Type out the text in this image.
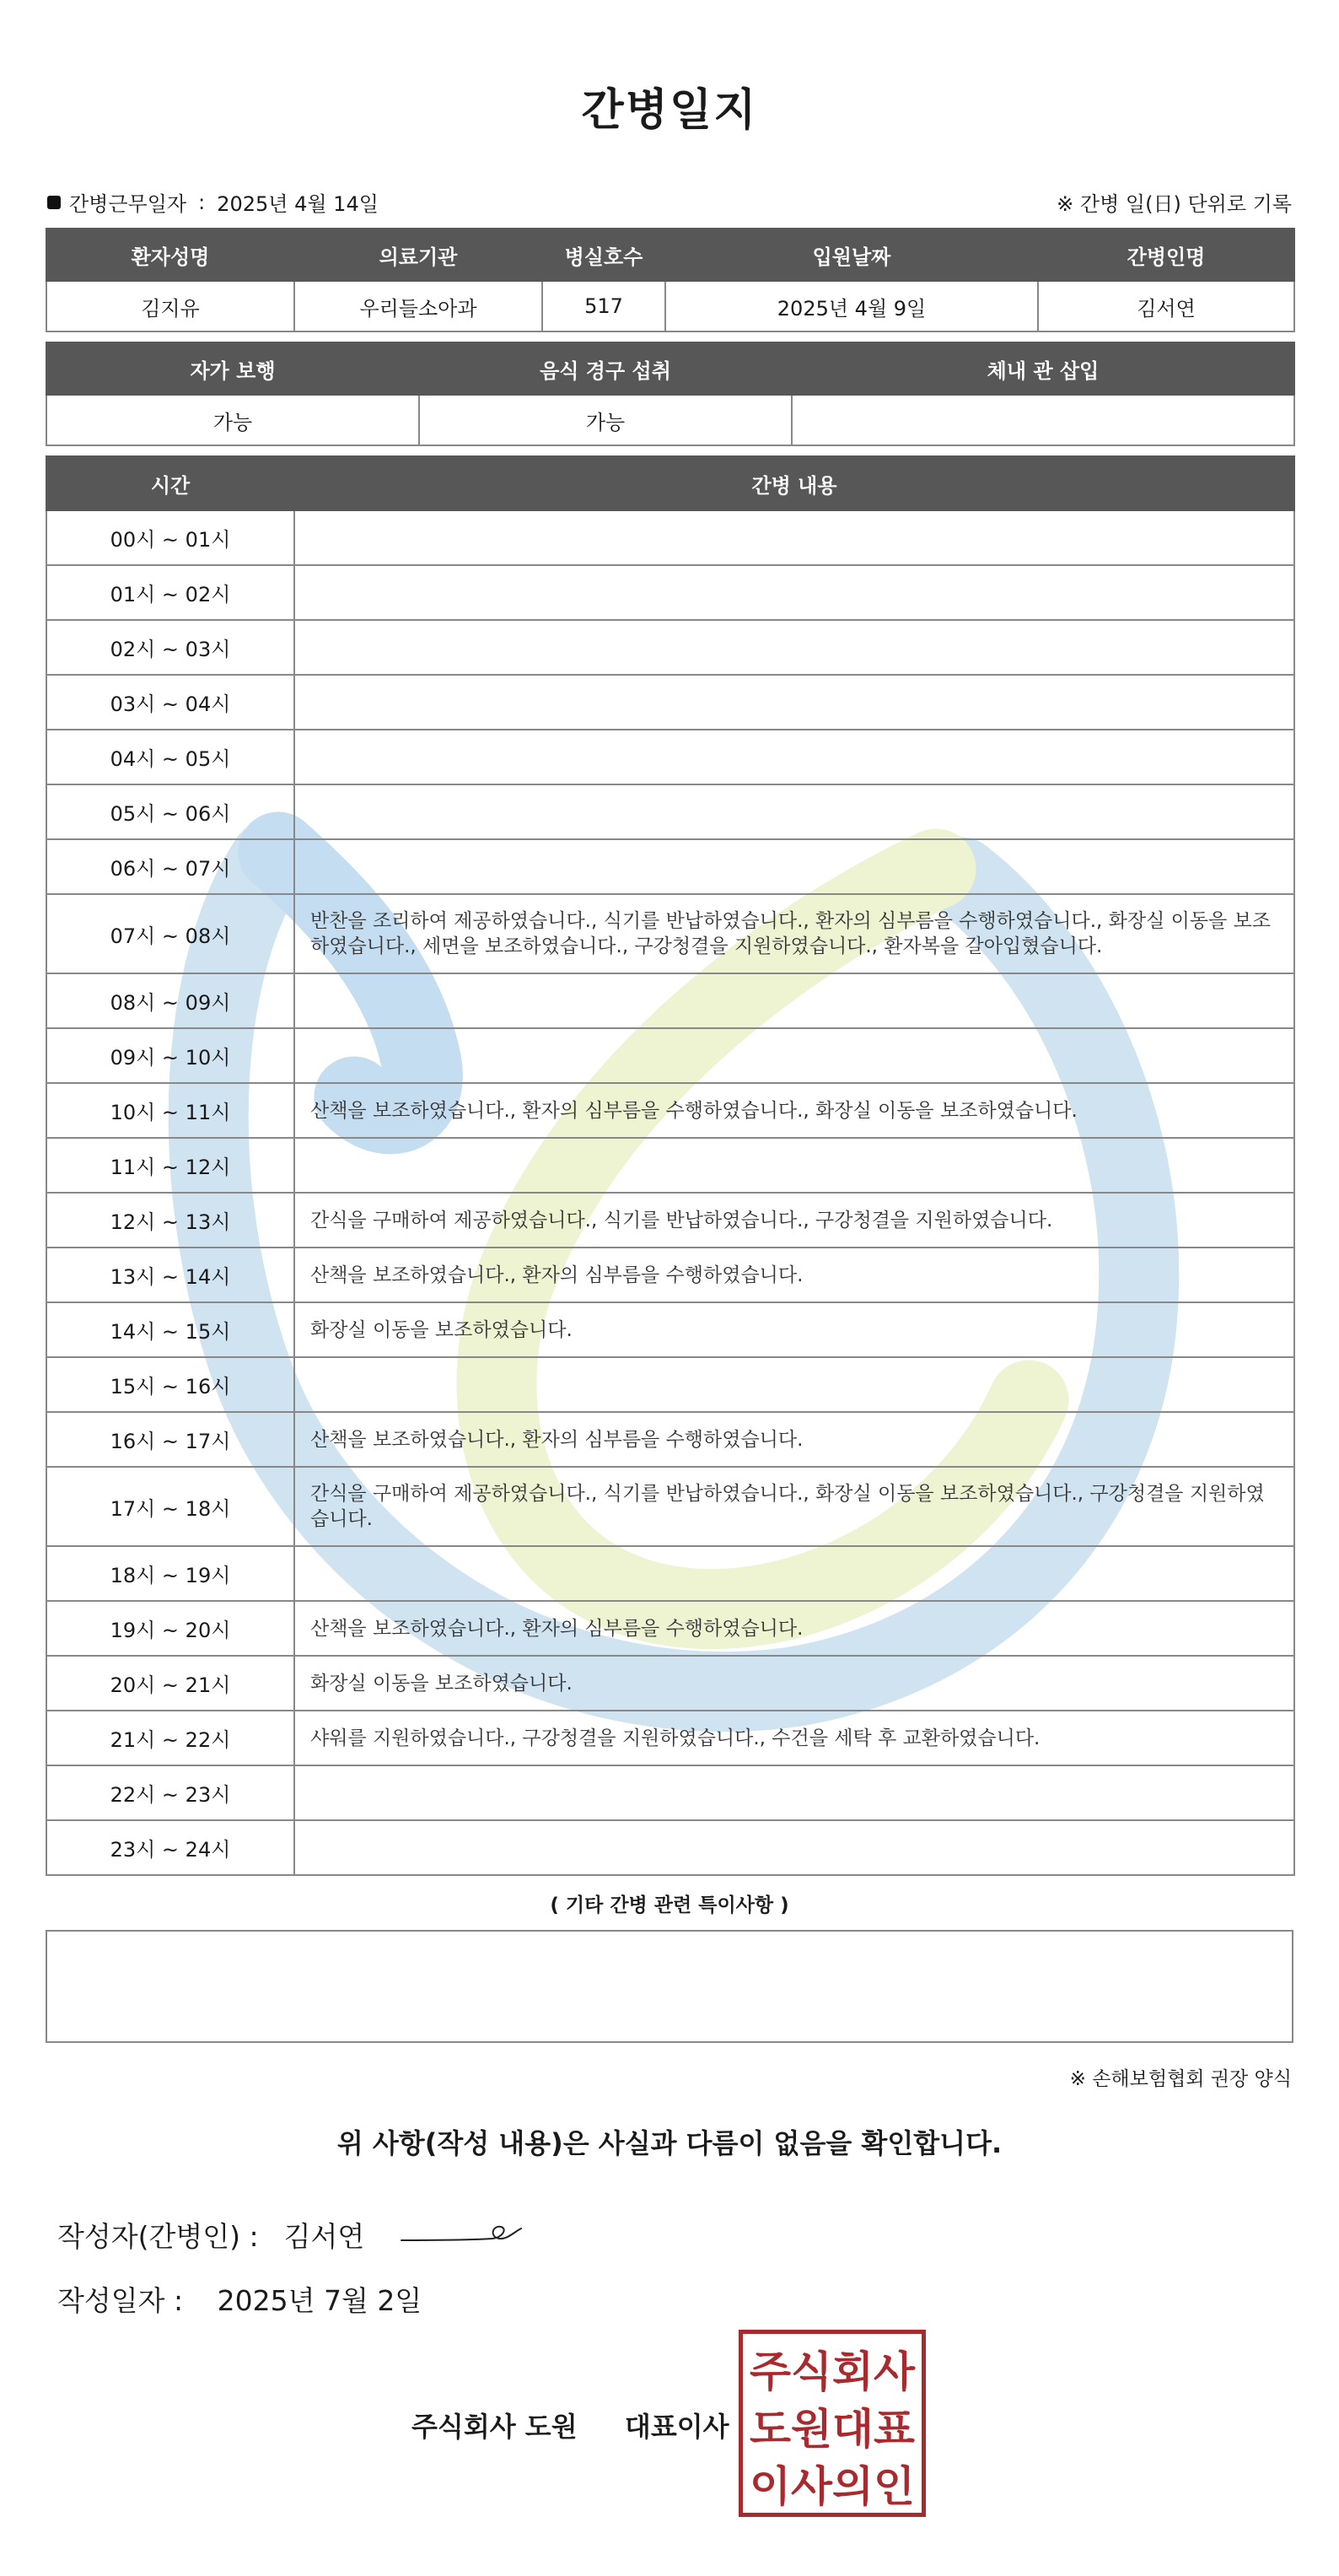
간병일지
간병근무일자 : 2025년 4월 14일	※ 간병 일(日) 단위로 기록
환자성명	의료기관	병실호수	입원날짜	간병인명
김지유	우리들소아과	517	2025년 4월 9일	김서연
자가 보행	음식 경구 섭취	체내 관 삽입
가능	가능	
시간	간병 내용
00시 ~ 01시	
01시 ~ 02시	
02시 ~ 03시	
03시 ~ 04시	
04시 ~ 05시	
05시 ~ 06시	
06시 ~ 07시	
07시 ~ 08시	반찬을 조리하여 제공하였습니다., 식기를 반납하였습니다., 환자의 심부름을 수행하였습니다., 화장실 이동을 보조하였습니다., 세면을 보조하였습니다., 구강청결을 지원하였습니다., 환자복을 갈아입혔습니다.
08시 ~ 09시	
09시 ~ 10시	
10시 ~ 11시	산책을 보조하였습니다., 환자의 심부름을 수행하였습니다., 화장실 이동을 보조하였습니다.
11시 ~ 12시	
12시 ~ 13시	간식을 구매하여 제공하였습니다., 식기를 반납하였습니다., 구강청결을 지원하였습니다.
13시 ~ 14시	산책을 보조하였습니다., 환자의 심부름을 수행하였습니다.
14시 ~ 15시	화장실 이동을 보조하였습니다.
15시 ~ 16시	
16시 ~ 17시	산책을 보조하였습니다., 환자의 심부름을 수행하였습니다.
17시 ~ 18시	간식을 구매하여 제공하였습니다., 식기를 반납하였습니다., 화장실 이동을 보조하였습니다., 구강청결을 지원하였습니다.
18시 ~ 19시	
19시 ~ 20시	산책을 보조하였습니다., 환자의 심부름을 수행하였습니다.
20시 ~ 21시	화장실 이동을 보조하였습니다.
21시 ~ 22시	샤워를 지원하였습니다., 구강청결을 지원하였습니다., 수건을 세탁 후 교환하였습니다.
22시 ~ 23시	
23시 ~ 24시	
( 기타 간병 관련 특이사항 )
※ 손해보험협회 권장 양식
위 사항(작성 내용)은 사실과 다름이 없음을 확인합니다.
작성자(간병인) : 김서연
작성일자 : 2025년 7월 2일
주식회사 도원 대표이사
주식회사
도원대표
이사의인
